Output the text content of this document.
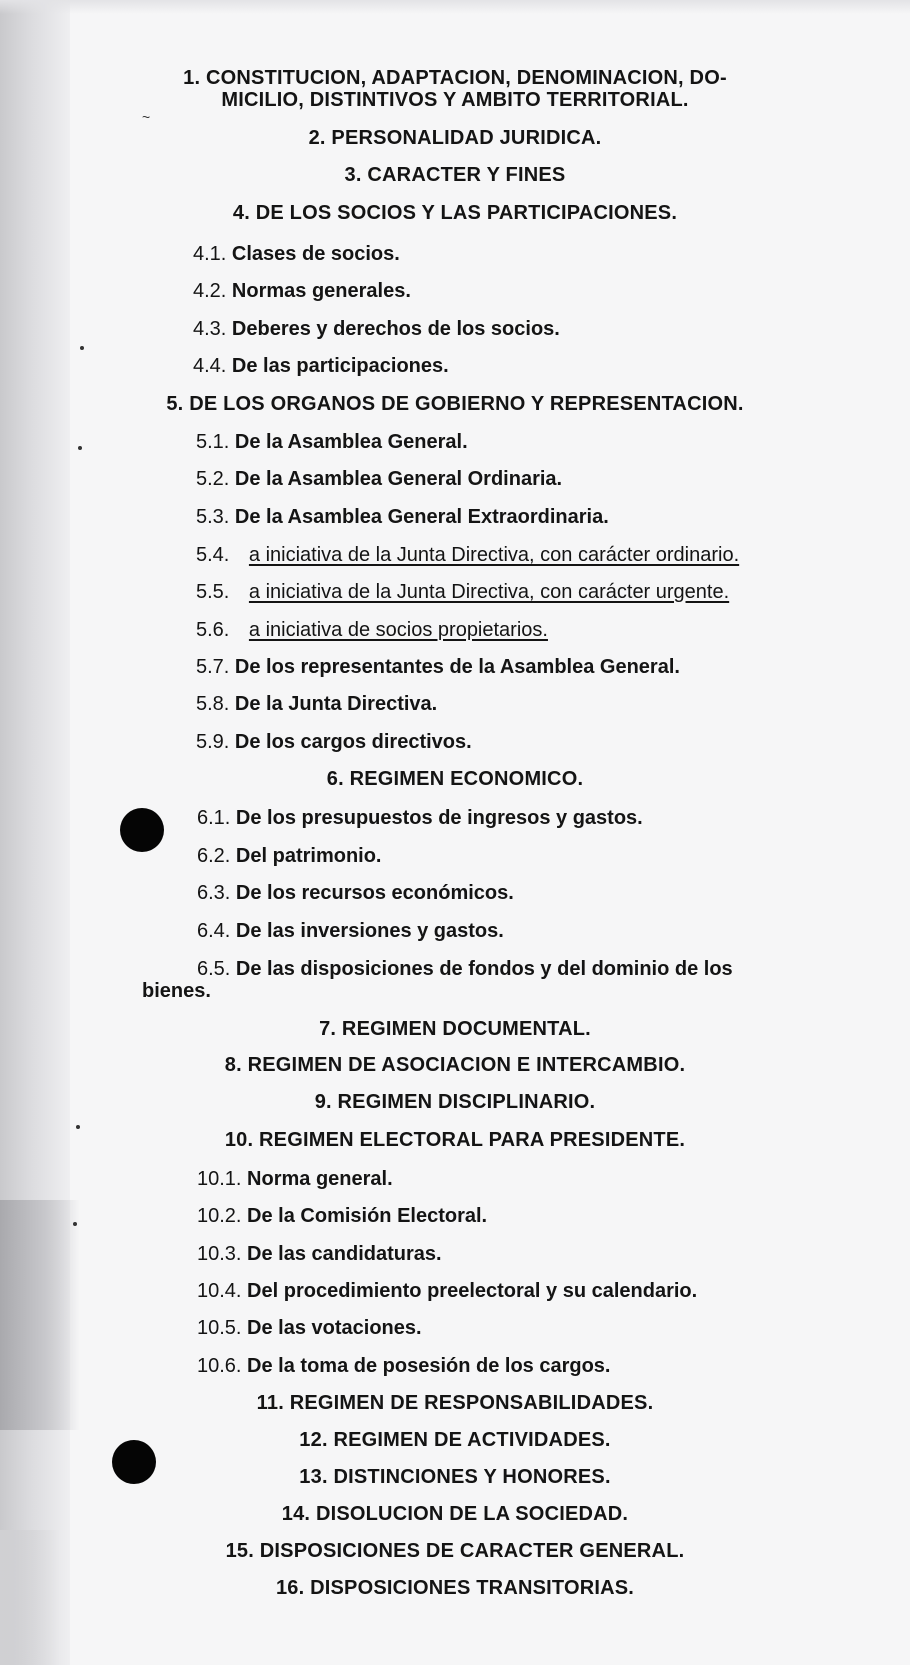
~
1. CONSTITUCION, ADAPTACION, DENOMINACION, DO-
MICILIO, DISTINTIVOS Y AMBITO TERRITORIAL.
2. PERSONALIDAD JURIDICA.
3. CARACTER Y FINES
4. DE LOS SOCIOS Y LAS PARTICIPACIONES.
4.1. Clases de socios.
4.2. Normas generales.
4.3. Deberes y derechos de los socios.
4.4. De las participaciones.
5. DE LOS ORGANOS DE GOBIERNO Y REPRESENTACION.
5.1. De la Asamblea General.
5.2. De la Asamblea General Ordinaria.
5.3. De la Asamblea General Extraordinaria.
5.4. a iniciativa de la Junta Directiva, con carácter ordinario.
5.5. a iniciativa de la Junta Directiva, con carácter urgente.
5.6. a iniciativa de socios propietarios.
5.7. De los representantes de la Asamblea General.
5.8. De la Junta Directiva.
5.9. De los cargos directivos.
6. REGIMEN ECONOMICO.
6.1. De los presupuestos de ingresos y gastos.
6.2. Del patrimonio.
6.3. De los recursos económicos.
6.4. De las inversiones y gastos.
6.5. De las disposiciones de fondos y del dominio de los
bienes.
7. REGIMEN DOCUMENTAL.
8. REGIMEN DE ASOCIACION E INTERCAMBIO.
9. REGIMEN DISCIPLINARIO.
10. REGIMEN ELECTORAL PARA PRESIDENTE.
10.1. Norma general.
10.2. De la Comisión Electoral.
10.3. De las candidaturas.
10.4. Del procedimiento preelectoral y su calendario.
10.5. De las votaciones.
10.6. De la toma de posesión de los cargos.
11. REGIMEN DE RESPONSABILIDADES.
12. REGIMEN DE ACTIVIDADES.
13. DISTINCIONES Y HONORES.
14. DISOLUCION DE LA SOCIEDAD.
15. DISPOSICIONES DE CARACTER GENERAL.
16. DISPOSICIONES TRANSITORIAS.
